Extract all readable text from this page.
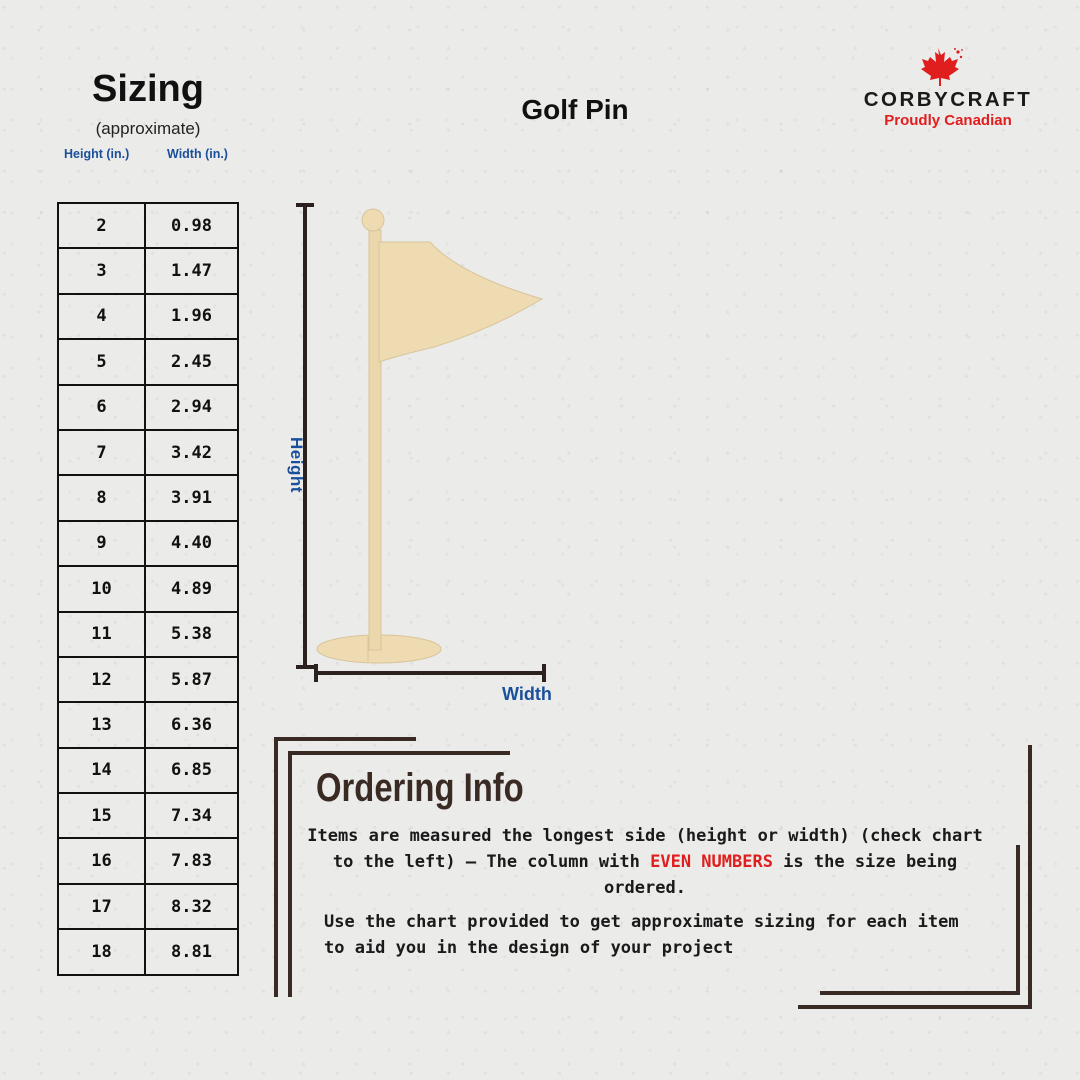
Sizing
(approximate)
Height (in.)	Width (in.)
Golf Pin	CORBYCRAFT
Proudly Canadian
2	0.98
3	1.47
4	1.96
5	2.45
6	2.94
7	3.42
8	3.91
9	4.40
10	4.89
11	5.38
12	5.87
13	6.36
14	6.85
15	7.34
16	7.83
17	8.32
18	8.81
Height
Width
Ordering Info
Items are measured the longest side (height or width) (check chart to the left) – The column with EVEN NUMBERS is the size being ordered.
Use the chart provided to get approximate sizing for each item to aid you in the design of your project
